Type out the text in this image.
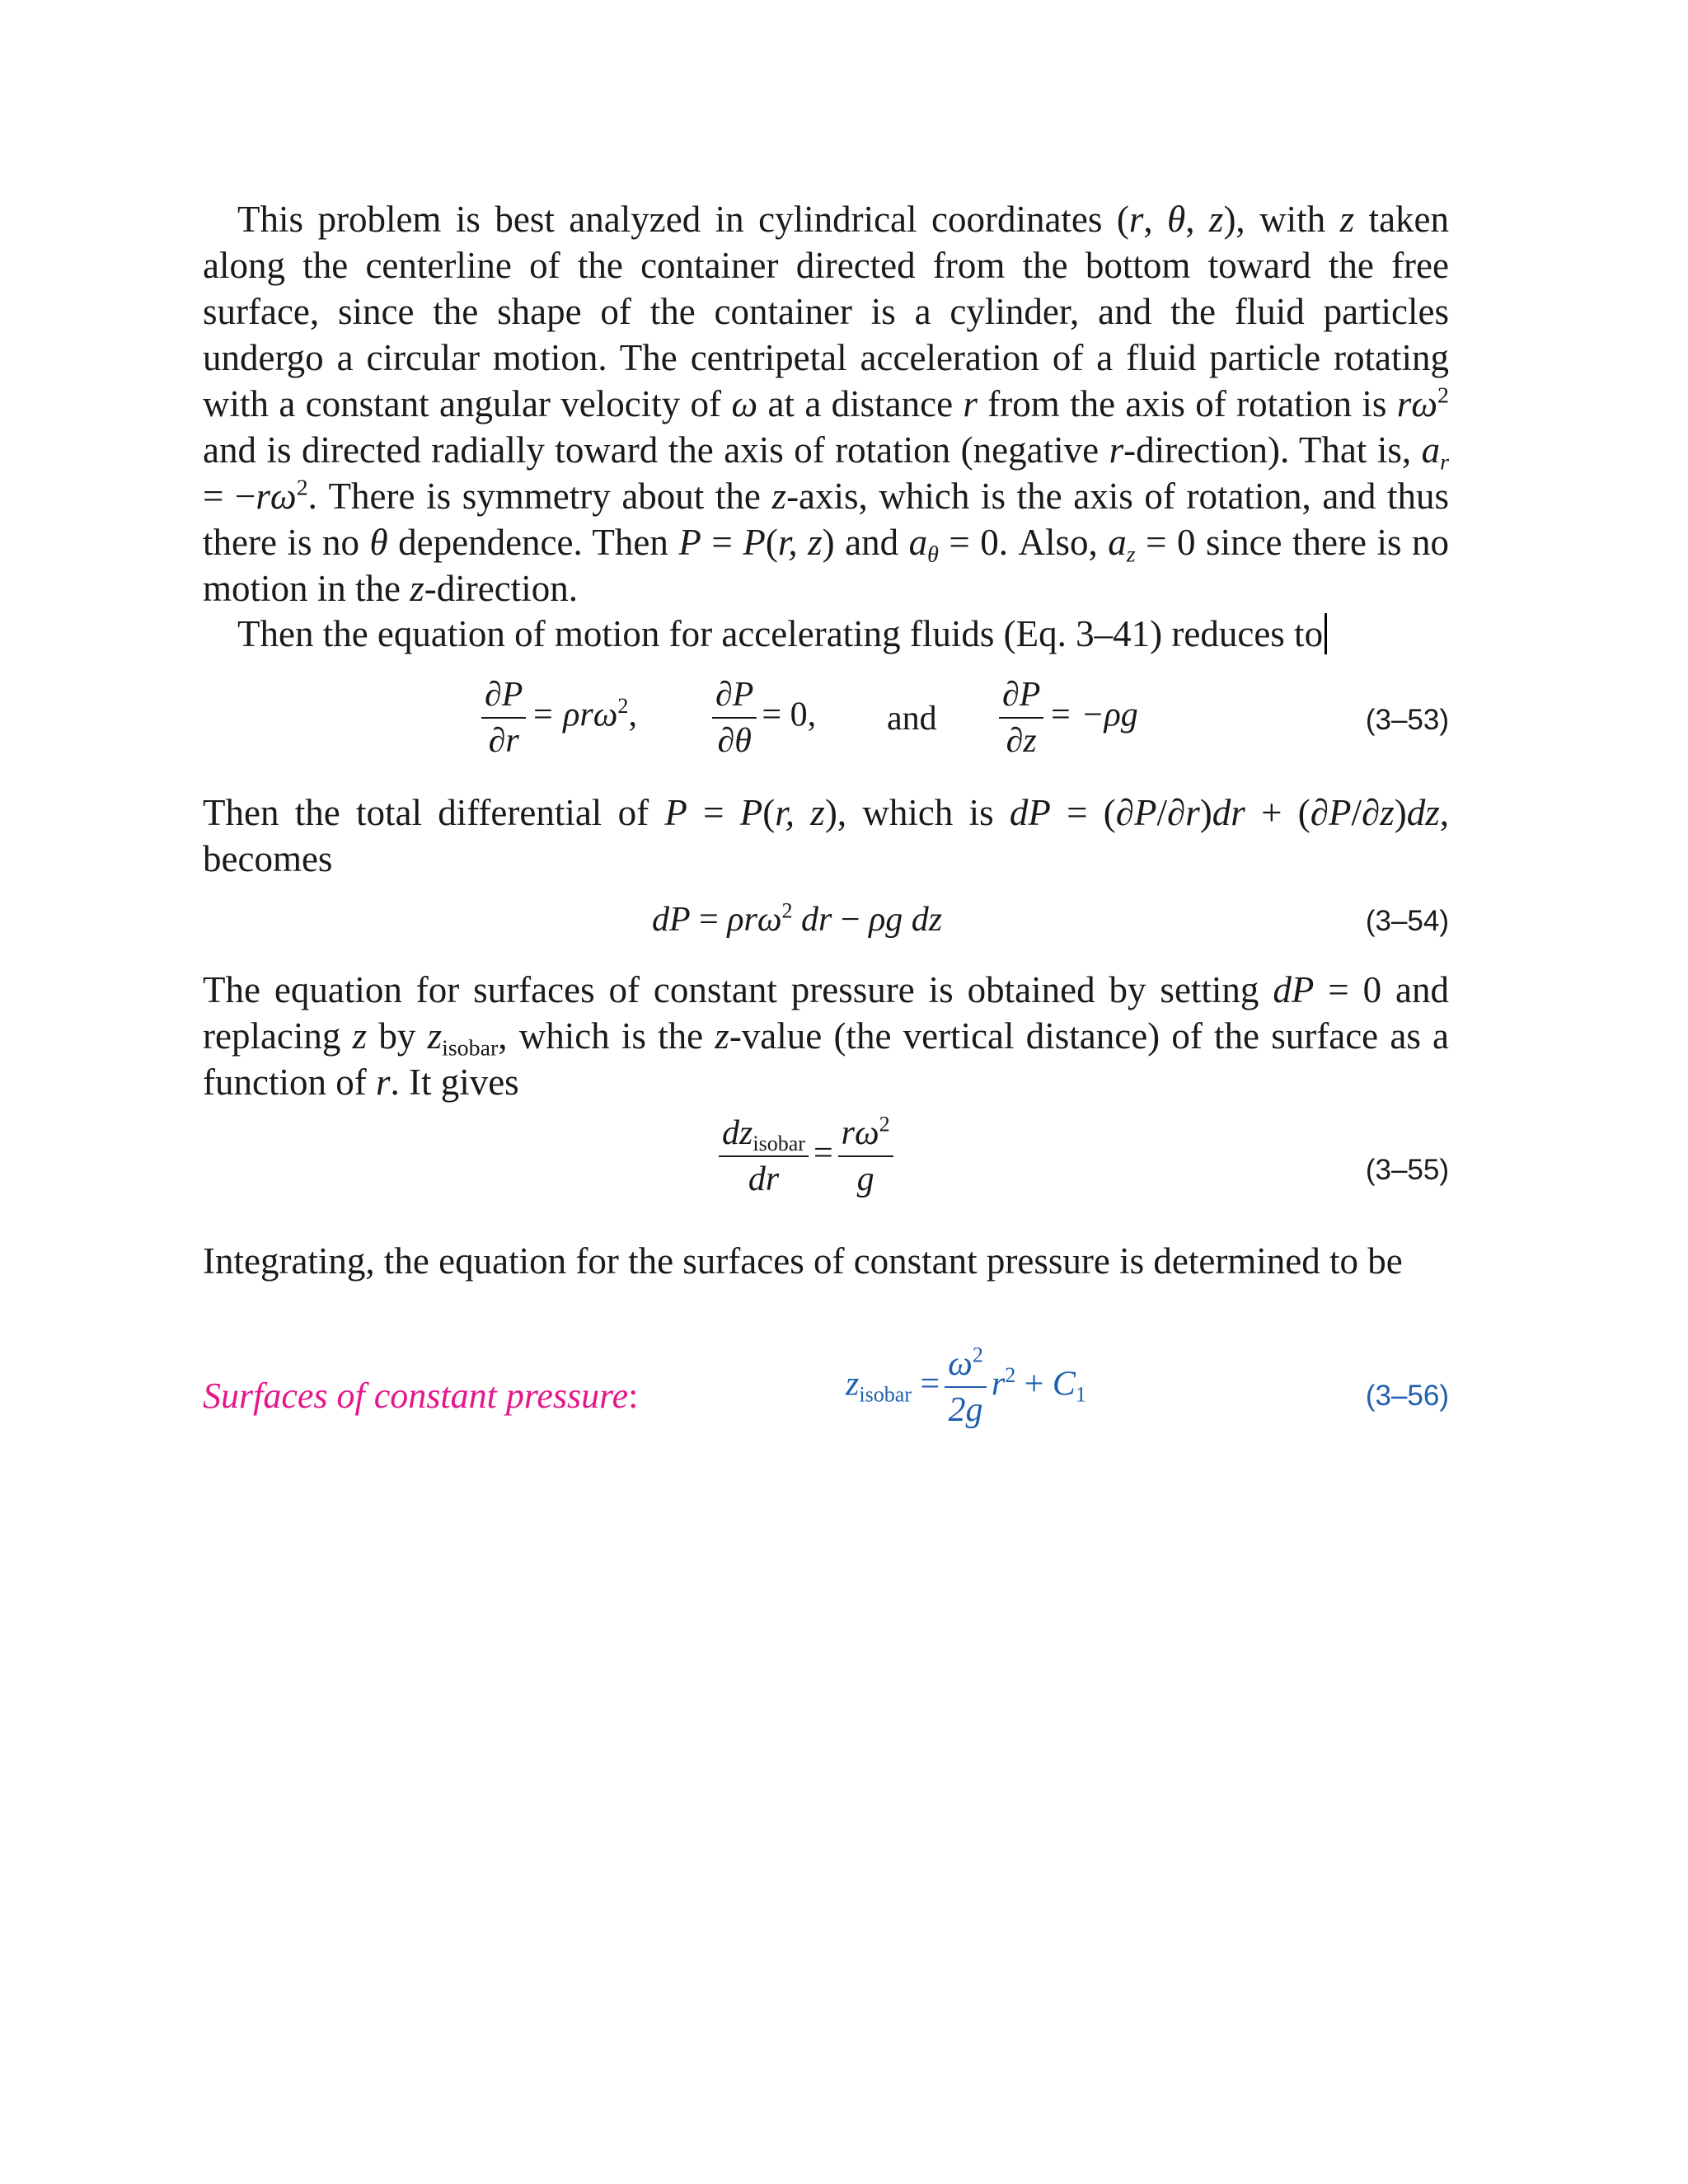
This problem is best analyzed in cylindrical coordinates (r, θ, z), with z taken along the centerline of the container directed from the bottom toward the free surface, since the shape of the container is a cylinder, and the fluid particles undergo a circular motion. The centripetal acceleration of a fluid particle rotating with a constant angular velocity of ω at a distance r from the axis of rotation is $r\omega^2$ and is directed radially toward the axis of rotation (negative r-direction). That is, $a_r = -r\omega^2$. There is symmetry about the z-axis, which is the axis of rotation, and thus there is no θ dependence. Then P = P(r, z) and $a_\theta = 0$. Also, $a_z = 0$ since there is no motion in the z-direction.

Then the equation of motion for accelerating fluids (Eq. 3–41) reduces to

$\frac{\partial P}{\partial r} = \rho r\omega^2$, $\frac{\partial P}{\partial\theta} = 0$, and $\frac{\partial P}{\partial z} = -\rho g$	(3–53)

Then the total differential of P = P(r, z), which is dP = (∂P/∂r)dr + (∂P/∂z)dz, becomes

dP = ρrω$^2$ dr − ρg dz	(3–54)

The equation for surfaces of constant pressure is obtained by setting dP = 0 and replacing z by $z_{isobar}$, which is the z-value (the vertical distance) of the surface as a function of r. It gives

$\frac{dz_{isobar}}{dr} = \frac{r\omega^2}{g}$	(3–55)

Integrating, the equation for the surfaces of constant pressure is determined to be

Surfaces of constant pressure:	$z_{isobar} = \frac{\omega^2}{2g} r^2 + C_1$	(3–56)
